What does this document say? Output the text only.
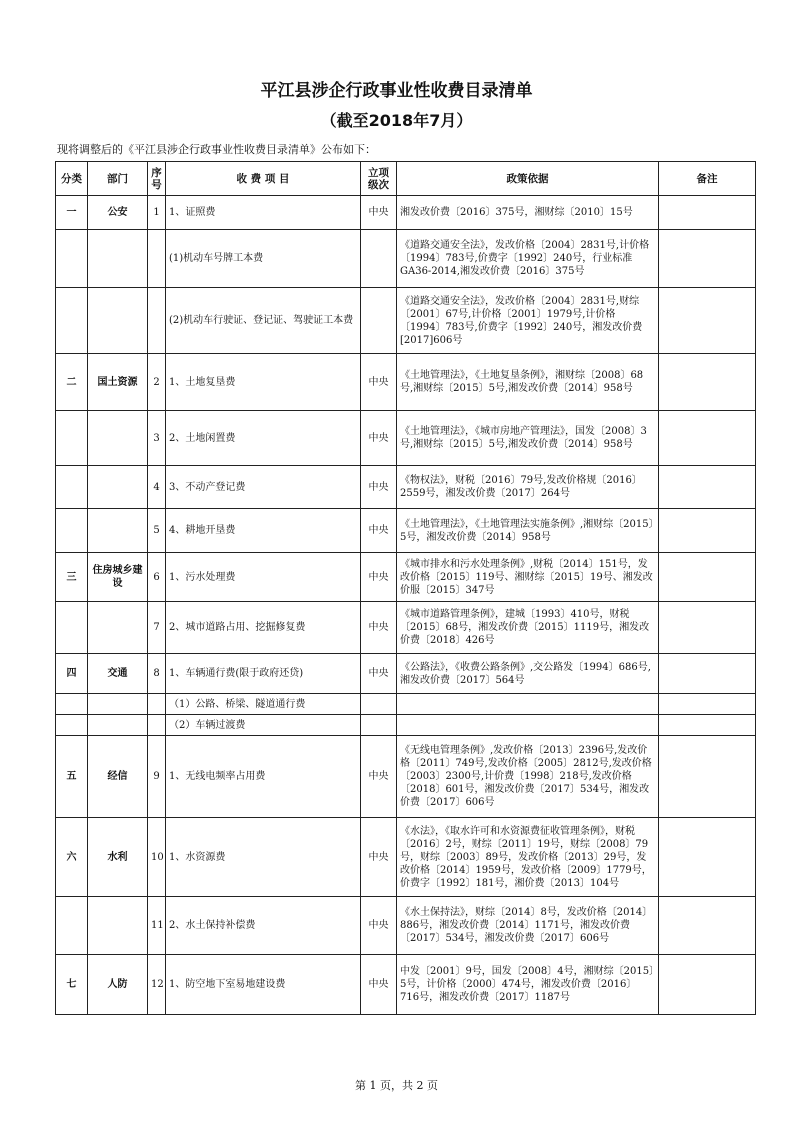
平江县涉企行政事业性收费目录清单
（截至2018年7月）
现将调整后的《平江县涉企行政事业性收费目录清单》公布如下：
分类	部门	序号	收 费 项 目	立项级次	政策依据	备注
一	公安	1	1、证照费	中央	湘发改价费〔2016〕375号，湘财综〔2010〕15号	
			(1)机动车号牌工本费		《道路交通安全法》，发改价格〔2004〕2831号,计价格〔1994〕783号,价费字〔1992〕240号，行业标准GA36-2014,湘发改价费〔2016〕375号	
			(2)机动车行驶证、登记证、驾驶证工本费		《道路交通安全法》，发改价格〔2004〕2831号,财综〔2001〕67号,计价格〔2001〕1979号,计价格〔1994〕783号,价费字〔1992〕240号，湘发改价费[2017]606号	
二	国土资源	2	1、土地复垦费	中央	《土地管理法》，《土地复垦条例》，湘财综〔2008〕68号,湘财综〔2015〕5号,湘发改价费〔2014〕958号	
		3	2、土地闲置费	中央	《土地管理法》，《城市房地产管理法》，国发〔2008〕3号,湘财综〔2015〕5号,湘发改价费〔2014〕958号	
		4	3、不动产登记费	中央	《物权法》，财税〔2016〕79号,发改价格规〔2016〕2559号，湘发改价费〔2017〕264号	
		5	4、耕地开垦费	中央	《土地管理法》，《土地管理法实施条例》,湘财综〔2015〕5号，湘发改价费〔2014〕958号	
三	住房城乡建设	6	1、污水处理费	中央	《城市排水和污水处理条例》,财税〔2014〕151号，发改价格〔2015〕119号、湘财综〔2015〕19号、湘发改价服〔2015〕347号	
		7	2、城市道路占用、挖掘修复费	中央	《城市道路管理条例》，建城〔1993〕410号，财税〔2015〕68号，湘发改价费〔2015〕1119号，湘发改价费〔2018〕426号	
四	交通	8	1、车辆通行费(限于政府还贷)	中央	《公路法》，《收费公路条例》,交公路发〔1994〕686号,湘发改价费〔2017〕564号	
			（1）公路、桥梁、隧道通行费			
			（2）车辆过渡费			
五	经信	9	1、无线电频率占用费	中央	《无线电管理条例》,发改价格〔2013〕2396号,发改价格〔2011〕749号,发改价格〔2005〕2812号,发改价格〔2003〕2300号,计价费〔1998〕218号,发改价格〔2018〕601号，湘发改价费〔2017〕534号，湘发改价费〔2017〕606号	
六	水利	10	1、水资源费	中央	《水法》，《取水许可和水资源费征收管理条例》，财税〔2016〕2号，财综〔2011〕19号，财综〔2008〕79号，财综〔2003〕89号，发改价格〔2013〕29号，发改价格〔2014〕1959号，发改价格〔2009〕1779号，价费字〔1992〕181号，湘价费〔2013〕104号	
		11	2、水土保持补偿费	中央	《水土保持法》，财综〔2014〕8号，发改价格〔2014〕886号，湘发改价费〔2014〕1171号，湘发改价费〔2017〕534号，湘发改价费〔2017〕606号	
七	人防	12	1、防空地下室易地建设费	中央	中发〔2001〕9号，国发〔2008〕4号，湘财综〔2015〕5号，计价格〔2000〕474号，湘发改价费〔2016〕716号，湘发改价费〔2017〕1187号	
第 1 页，共 2 页
